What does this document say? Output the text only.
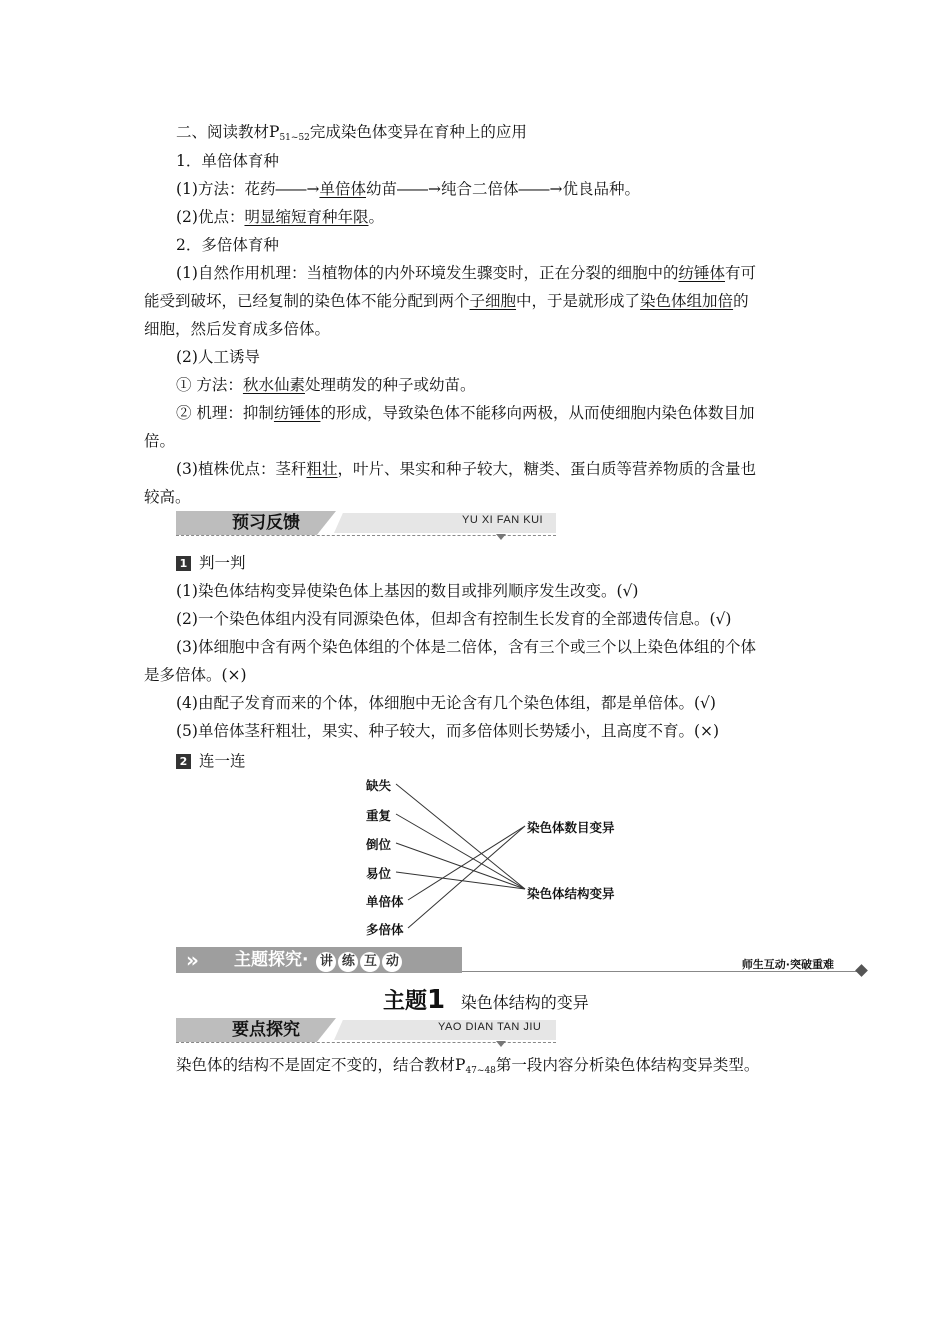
二、阅读教材P51~52完成染色体变异在育种上的应用
1．单倍体育种
(1)方法：花药――→单倍体幼苗――→纯合二倍体――→优良品种。
(2)优点：明显缩短育种年限。
2．多倍体育种
(1)自然作用机理：当植物体的内外环境发生骤变时，正在分裂的细胞中的纺锤体有可
能受到破坏，已经复制的染色体不能分配到两个子细胞中，于是就形成了染色体组加倍的
细胞，然后发育成多倍体。
(2)人工诱导
① 方法：秋水仙素处理萌发的种子或幼苗。
② 机理：抑制纺锤体的形成，导致染色体不能移向两极，从而使细胞内染色体数目加
倍。
(3)植株优点：茎秆粗壮，叶片、果实和种子较大，糖类、蛋白质等营养物质的含量也
较高。
预习反馈	YU XI FAN KUI
1 判一判
(1)染色体结构变异使染色体上基因的数目或排列顺序发生改变。(√)
(2)一个染色体组内没有同源染色体，但却含有控制生长发育的全部遗传信息。(√)
(3)体细胞中含有两个染色体组的个体是二倍体，含有三个或三个以上染色体组的个体
是多倍体。(×)
(4)由配子发育而来的个体，体细胞中无论含有几个染色体组，都是单倍体。(√)
(5)单倍体茎秆粗壮，果实、种子较大，而多倍体则长势矮小，且高度不育。(×)
2 连一连
缺失
重复
倒位
易位
单倍体
多倍体
染色体数目变异
染色体结构变异
» 主题探究· 讲 练 互 动	师生互动·突破重难
主题1 染色体结构的变异
要点探究	YAO DIAN TAN JIU
染色体的结构不是固定不变的，结合教材P47~48第一段内容分析染色体结构变异类型。
